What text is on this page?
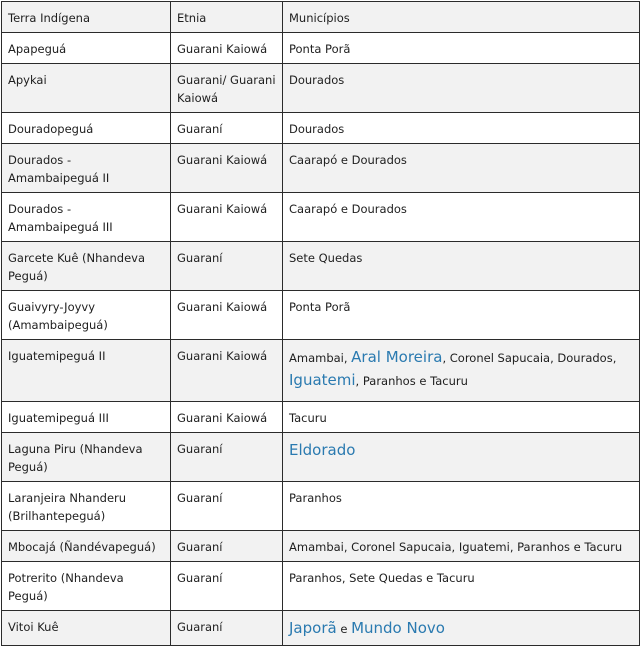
Terra Indígena	Etnia	Municípios
Apapeguá	Guarani Kaiowá	Ponta Porã
Apykai	Guarani/ Guarani Kaiowá	Dourados
Douradopeguá	Guaraní	Dourados
Dourados - Amambaipeguá II	Guarani Kaiowá	Caarapó e Dourados
Dourados - Amambaipeguá III	Guarani Kaiowá	Caarapó e Dourados
Garcete Kuê (Nhandeva Peguá)	Guaraní	Sete Quedas
Guaivyry-Joyvy (Amambaipeguá)	Guarani Kaiowá	Ponta Porã
Iguatemipeguá II	Guarani Kaiowá	Amambai, Aral Moreira, Coronel Sapucaia, Dourados, Iguatemi, Paranhos e Tacuru
Iguatemipeguá III	Guarani Kaiowá	Tacuru
Laguna Piru (Nhandeva Peguá)	Guaraní	Eldorado
Laranjeira Nhanderu (Brilhantepeguá)	Guaraní	Paranhos
Mbocajá (Ñandévapeguá)	Guaraní	Amambai, Coronel Sapucaia, Iguatemi, Paranhos e Tacuru
Potrerito (Nhandeva Peguá)	Guaraní	Paranhos, Sete Quedas e Tacuru
Vitoi Kuê	Guaraní	Japorã e Mundo Novo
